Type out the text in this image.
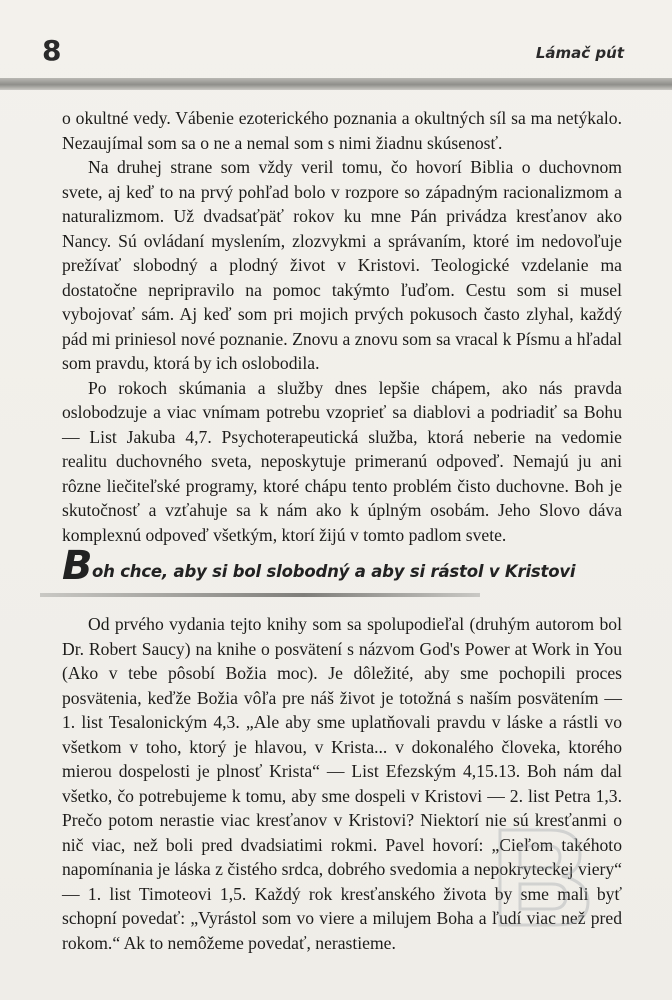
8	Lámač pút

o okultné vedy. Vábenie ezoterického poznania a okultných síl sa ma netýkalo. Nezaujímal som sa o ne a nemal som s nimi žiadnu skúsenosť.

Na druhej strane som vždy veril tomu, čo hovorí Biblia o duchovnom svete, aj keď to na prvý pohľad bolo v rozpore so západným racionalizmom a naturalizmom. Už dvadsaťpäť rokov ku mne Pán privádza kresťanov ako Nancy. Sú ovládaní myslením, zlozvykmi a správaním, ktoré im nedovoľuje prežívať slobodný a plodný život v Kristovi. Teologické vzdelanie ma dostatočne nepripravilo na pomoc takýmto ľuďom. Cestu som si musel vybojovať sám. Aj keď som pri mojich prvých pokusoch často zlyhal, každý pád mi priniesol nové poznanie. Znovu a znovu som sa vracal k Písmu a hľadal som pravdu, ktorá by ich oslobodila.

Po rokoch skúmania a služby dnes lepšie chápem, ako nás pravda oslobodzuje a viac vnímam potrebu vzoprieť sa diablovi a podriadiť sa Bohu — List Jakuba 4,7. Psychoterapeutická služba, ktorá neberie na vedomie realitu duchovného sveta, neposkytuje primeranú odpoveď. Nemajú ju ani rôzne liečiteľské programy, ktoré chápu tento problém čisto duchovne. Boh je skutočnosť a vzťahuje sa k nám ako k úplným osobám. Jeho Slovo dáva komplexnú odpoveď všetkým, ktorí žijú v tomto padlom svete.

B oh chce, aby si bol slobodný a aby si rástol v Kristovi

Od prvého vydania tejto knihy som sa spolupodieľal (druhým autorom bol Dr. Robert Saucy) na knihe o posvätení s názvom God's Power at Work in You (Ako v tebe pôsobí Božia moc). Je dôležité, aby sme pochopili proces posvätenia, keďže Božia vôľa pre náš život je totožná s naším posvätením — 1. list Tesalonickým 4,3. „Ale aby sme uplatňovali pravdu v láske a rástli vo všetkom v toho, ktorý je hlavou, v Krista... v dokonalého človeka, ktorého mierou dospelosti je plnosť Krista“ — List Efezským 4,15.13. Boh nám dal všetko, čo potrebujeme k tomu, aby sme dospeli v Kristovi — 2. list Petra 1,3. Prečo potom nerastie viac kresťanov v Kristovi? Niektorí nie sú kresťanmi o nič viac, než boli pred dvadsiatimi rokmi. Pavel hovorí: „Cieľom takéhoto napomínania je láska z čistého srdca, dobrého svedomia a nepokryteckej viery“ — 1. list Timoteovi 1,5. Každý rok kresťanského života by sme mali byť schopní povedať: „Vyrástol som vo viere a milujem Boha a ľudí viac než pred rokom.“ Ak to nemôžeme povedať, nerastieme.
